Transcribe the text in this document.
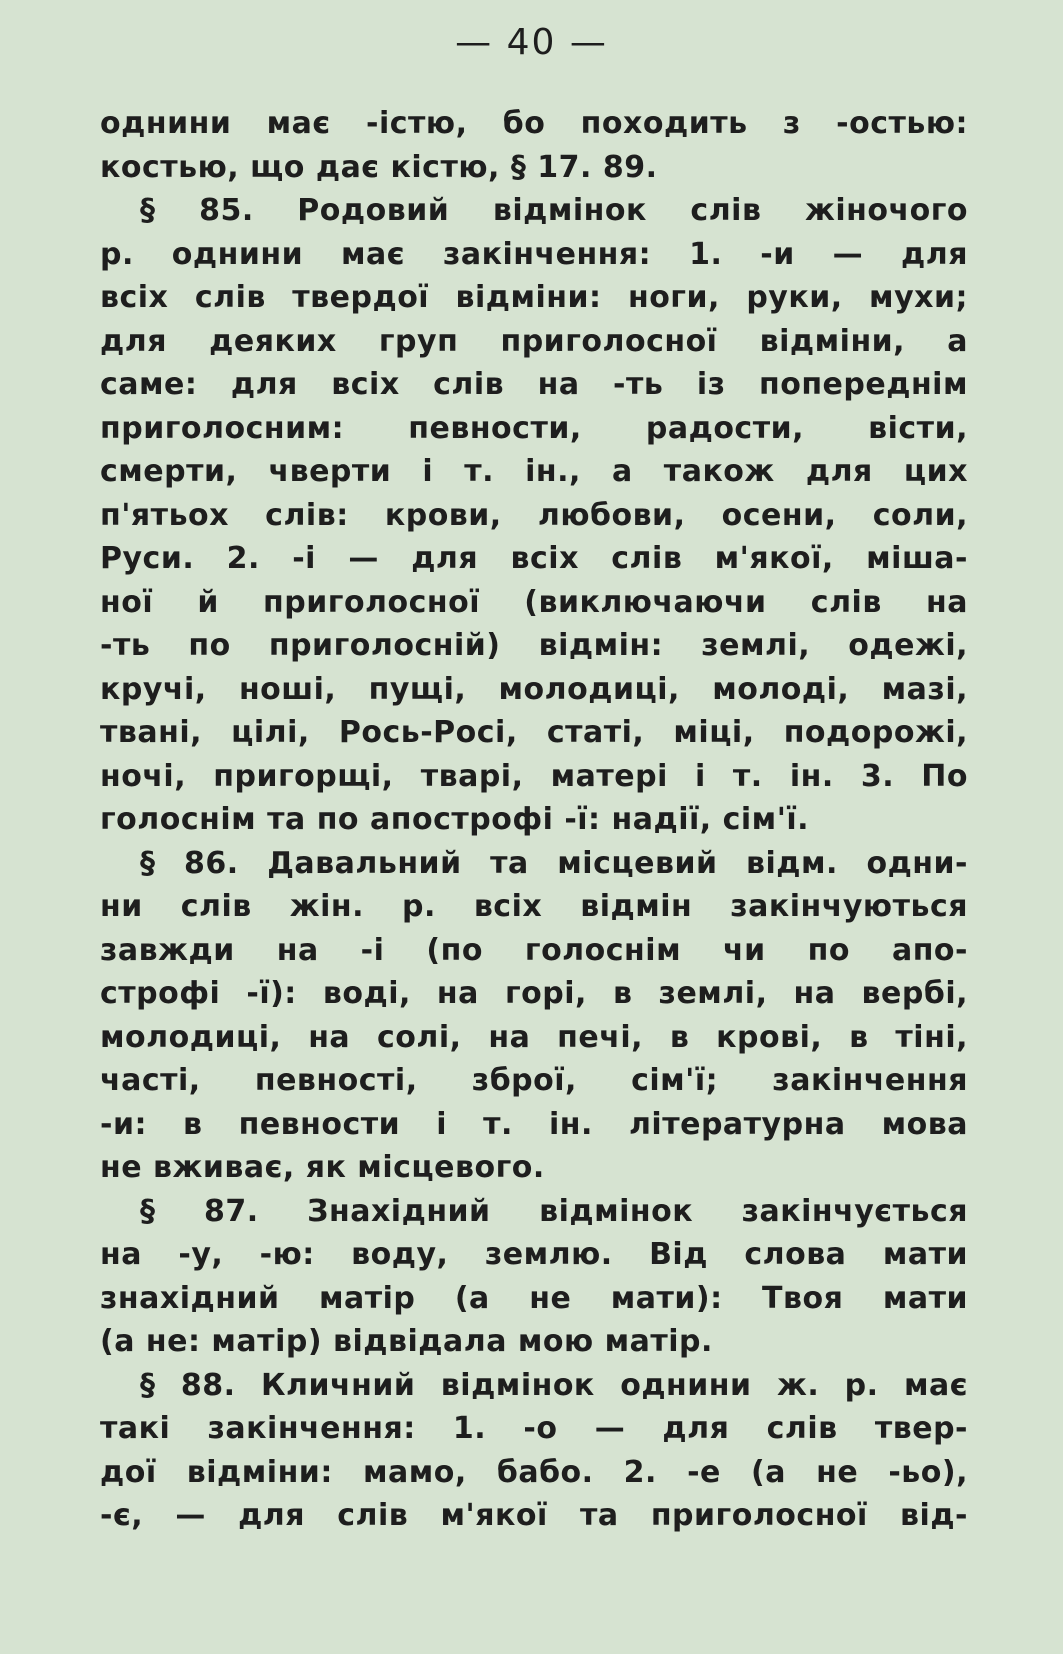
— 40 —
однини має -істю, бо походить з -остью:
костью, що дає кістю, § 17. 89.
§ 85. Родовий відмінок слів жіночого
р. однини має закінчення: 1. -и — для
всіх слів твердої відміни: ноги, руки, мухи;
для деяких груп приголосної відміни, а
саме: для всіх слів на -ть із попереднім
приголосним: певности, радости, вісти,
смерти, чверти і т. ін., а також для цих
п'ятьох слів: крови, любови, осени, соли,
Руси. 2. -і — для всіх слів м'якої, міша-
ної й приголосної (виключаючи слів на
-ть по приголосній) відмін: землі, одежі,
кручі, ноші, пущі, молодиці, молоді, мазі,
твані, цілі, Рось-Росі, статі, міці, подорожі,
ночі, пригорщі, тварі, матері і т. ін. 3. По
голоснім та по апострофі -ї: надії, сім'ї.
§ 86. Давальний та місцевий відм. одни-
ни слів жін. р. всіх відмін закінчуються
завжди на -і (по голоснім чи по апо-
строфі -ї): воді, на горі, в землі, на вербі,
молодиці, на солі, на печі, в крові, в тіні,
часті, певності, зброї, сім'ї; закінчення
-и: в певности і т. ін. літературна мова
не вживає, як місцевого.
§ 87. Знахідний відмінок закінчується
на -у, -ю: воду, землю. Від слова мати
знахідний матір (а не мати): Твоя мати
(а не: матір) відвідала мою матір.
§ 88. Кличний відмінок однини ж. р. має
такі закінчення: 1. -о — для слів твер-
дої відміни: мамо, бабо. 2. -е (а не -ьо),
-є, — для слів м'якої та приголосної від-
